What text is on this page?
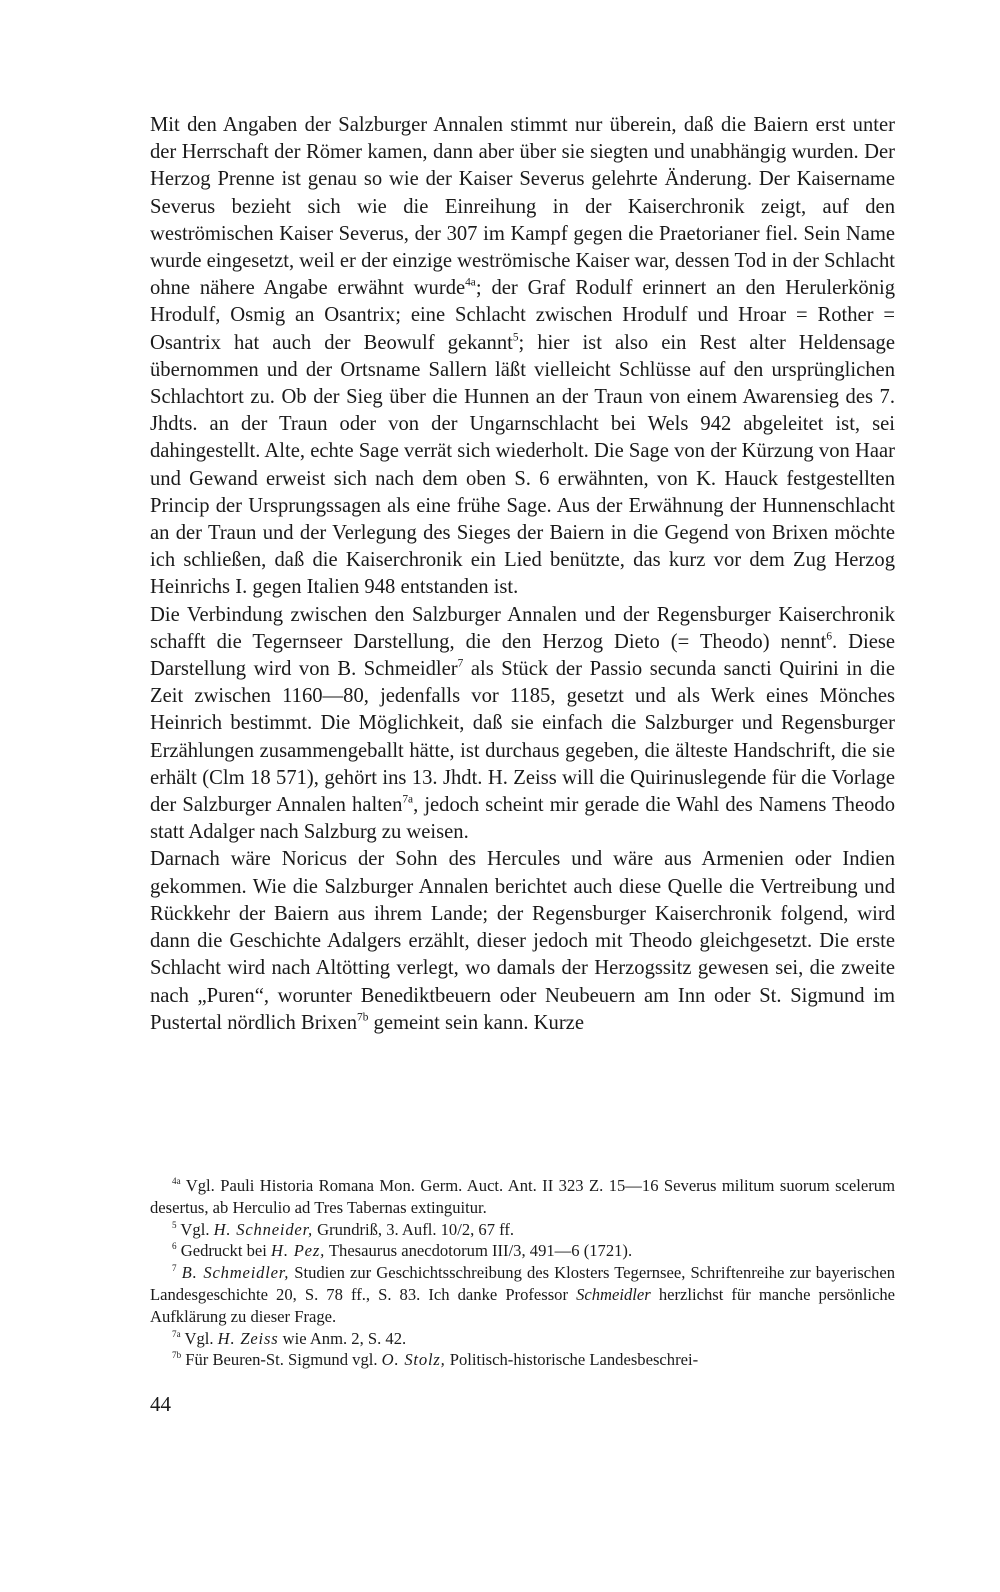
Mit den Angaben der Salzburger Annalen stimmt nur überein, daß die Baiern erst unter der Herrschaft der Römer kamen, dann aber über sie siegten und unabhängig wurden. Der Herzog Prenne ist genau so wie der Kaiser Severus gelehrte Änderung. Der Kaisername Severus bezieht sich wie die Einreihung in der Kaiserchronik zeigt, auf den weströmischen Kaiser Severus, der 307 im Kampf gegen die Praetorianer fiel. Sein Name wurde eingesetzt, weil er der einzige weströmische Kaiser war, dessen Tod in der Schlacht ohne nähere Angabe erwähnt wurde$^{4a}$; der Graf Rodulf erinnert an den Herulerkönig Hrodulf, Osmig an Osantrix; eine Schlacht zwischen Hrodulf und Hroar = Rother = Osantrix hat auch der Beowulf gekannt$^5$; hier ist also ein Rest alter Heldensage übernommen und der Ortsname Sallern läßt vielleicht Schlüsse auf den ursprünglichen Schlachtort zu. Ob der Sieg über die Hunnen an der Traun von einem Awarensieg des 7. Jhdts. an der Traun oder von der Ungarnschlacht bei Wels 942 abgeleitet ist, sei dahingestellt. Alte, echte Sage verrät sich wiederholt. Die Sage von der Kürzung von Haar und Gewand erweist sich nach dem oben S. 6 erwähnten, von K. Hauck festgestellten Princip der Ursprungssagen als eine frühe Sage. Aus der Erwähnung der Hunnenschlacht an der Traun und der Verlegung des Sieges der Baiern in die Gegend von Brixen möchte ich schließen, daß die Kaiserchronik ein Lied benützte, das kurz vor dem Zug Herzog Heinrichs I. gegen Italien 948 entstanden ist.

Die Verbindung zwischen den Salzburger Annalen und der Regensburger Kaiserchronik schafft die Tegernseer Darstellung, die den Herzog Dieto (= Theodo) nennt$^6$. Diese Darstellung wird von B. Schmeidler$^7$ als Stück der Passio secunda sancti Quirini in die Zeit zwischen 1160—80, jedenfalls vor 1185, gesetzt und als Werk eines Mönches Heinrich bestimmt. Die Möglichkeit, daß sie einfach die Salzburger und Regensburger Erzählungen zusammengeballt hätte, ist durchaus gegeben, die älteste Handschrift, die sie erhält (Clm 18 571), gehört ins 13. Jhdt. H. Zeiss will die Quirinuslegende für die Vorlage der Salzburger Annalen halten$^{7a}$, jedoch scheint mir gerade die Wahl des Namens Theodo statt Adalger nach Salzburg zu weisen.

Darnach wäre Noricus der Sohn des Hercules und wäre aus Armenien oder Indien gekommen. Wie die Salzburger Annalen berichtet auch diese Quelle die Vertreibung und Rückkehr der Baiern aus ihrem Lande; der Regensburger Kaiserchronik folgend, wird dann die Geschichte Adalgers erzählt, dieser jedoch mit Theodo gleichgesetzt. Die erste Schlacht wird nach Altötting verlegt, wo damals der Herzogssitz gewesen sei, die zweite nach „Puren“, worunter Benediktbeuern oder Neubeuern am Inn oder St. Sigmund im Pustertal nördlich Brixen$^{7b}$ gemeint sein kann. Kurze

$^{4a}$ Vgl. Pauli Historia Romana Mon. Germ. Auct. Ant. II 323 Z. 15—16 Severus militum suorum scelerum desertus, ab Herculio ad Tres Tabernas extinguitur.

$^5$ Vgl. H. Schneider, Grundriß, 3. Aufl. 10/2, 67 ff.

$^6$ Gedruckt bei H. Pez, Thesaurus anecdotorum III/3, 491—6 (1721).

$^7$ B. Schmeidler, Studien zur Geschichtsschreibung des Klosters Tegernsee, Schriftenreihe zur bayerischen Landesgeschichte 20, S. 78 ff., S. 83. Ich danke Professor Schmeidler herzlichst für manche persönliche Aufklärung zu dieser Frage.

$^{7a}$ Vgl. H. Zeiss wie Anm. 2, S. 42.

$^{7b}$ Für Beuren-St. Sigmund vgl. O. Stolz, Politisch-historische Landesbeschrei-

44
